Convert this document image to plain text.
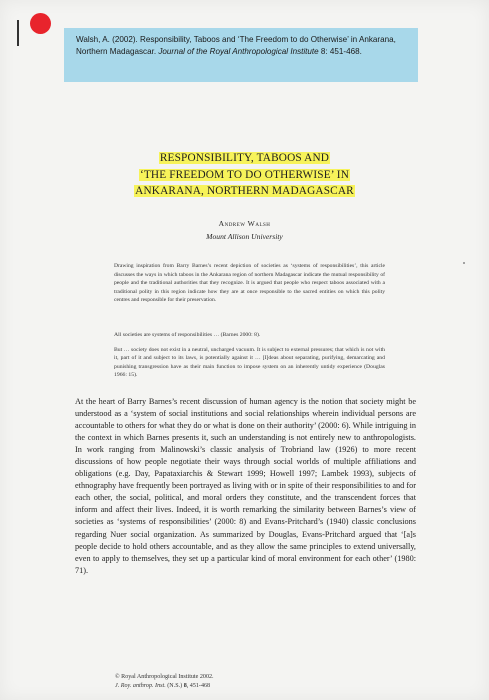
Walsh, A. (2002). Responsibility, Taboos and ‘The Freedom to do Otherwise’ in Ankarana, Northern Madagascar. Journal of the Royal Anthropological Institute 8: 451-468.
RESPONSIBILITY, TABOOS AND
‘THE FREEDOM TO DO OTHERWISE’ IN
ANKARANA, NORTHERN MADAGASCAR
Andrew Walsh
Mount Allison University
Drawing inspiration from Barry Barnes’s recent depiction of societies as ‘systems of responsibilities’, this article discusses the ways in which taboos in the Ankarana region of northern Madagascar indicate the mutual responsibility of people and the traditional authorities that they recognize. It is argued that people who respect taboos associated with a traditional polity in this region indicate how they are at once responsible to the sacred entities on which this polity centres and responsible for their preservation.
All societies are systems of responsibilities … (Barnes 2000: 8).
But … society does not exist in a neutral, uncharged vacuum. It is subject to external pressures; that which is not with it, part of it and subject to its laws, is potentially against it … [I]deas about separating, purifying, demarcating and punishing transgression have as their main function to impose system on an inherently untidy experience (Douglas 1966: 15).

At the heart of Barry Barnes’s recent discussion of human agency is the notion that society might be understood as a ‘system of social institutions and social relationships wherein individual persons are accountable to others for what they do or what is done on their authority’ (2000: 6). While intriguing in the context in which Barnes presents it, such an understanding is not entirely new to anthropologists. In work ranging from Malinowski’s classic analysis of Trobriand law (1926) to more recent discussions of how people negotiate their ways through social worlds of multiple affiliations and obligations (e.g. Day, Papataxiarchis & Stewart 1999; Howell 1997; Lambek 1993), subjects of ethnography have frequently been portrayed as living with or in spite of their responsibilities to and for each other, the social, political, and moral orders they constitute, and the transcendent forces that inform and affect their lives. Indeed, it is worth remarking the similarity between Barnes’s view of societies as ‘systems of responsibilities’ (2000: 8) and Evans-Pritchard’s (1940) classic conclusions regarding Nuer social organization. As summarized by Douglas, Evans-Pritchard argued that ‘[a]s people decide to hold others accountable, and as they allow the same principles to extend universally, even to apply to themselves, they set up a particular kind of moral environment for each other’ (1980: 71).

© Royal Anthropological Institute 2002.
J. Roy. anthrop. Inst. (N.S.) 8, 451-468
